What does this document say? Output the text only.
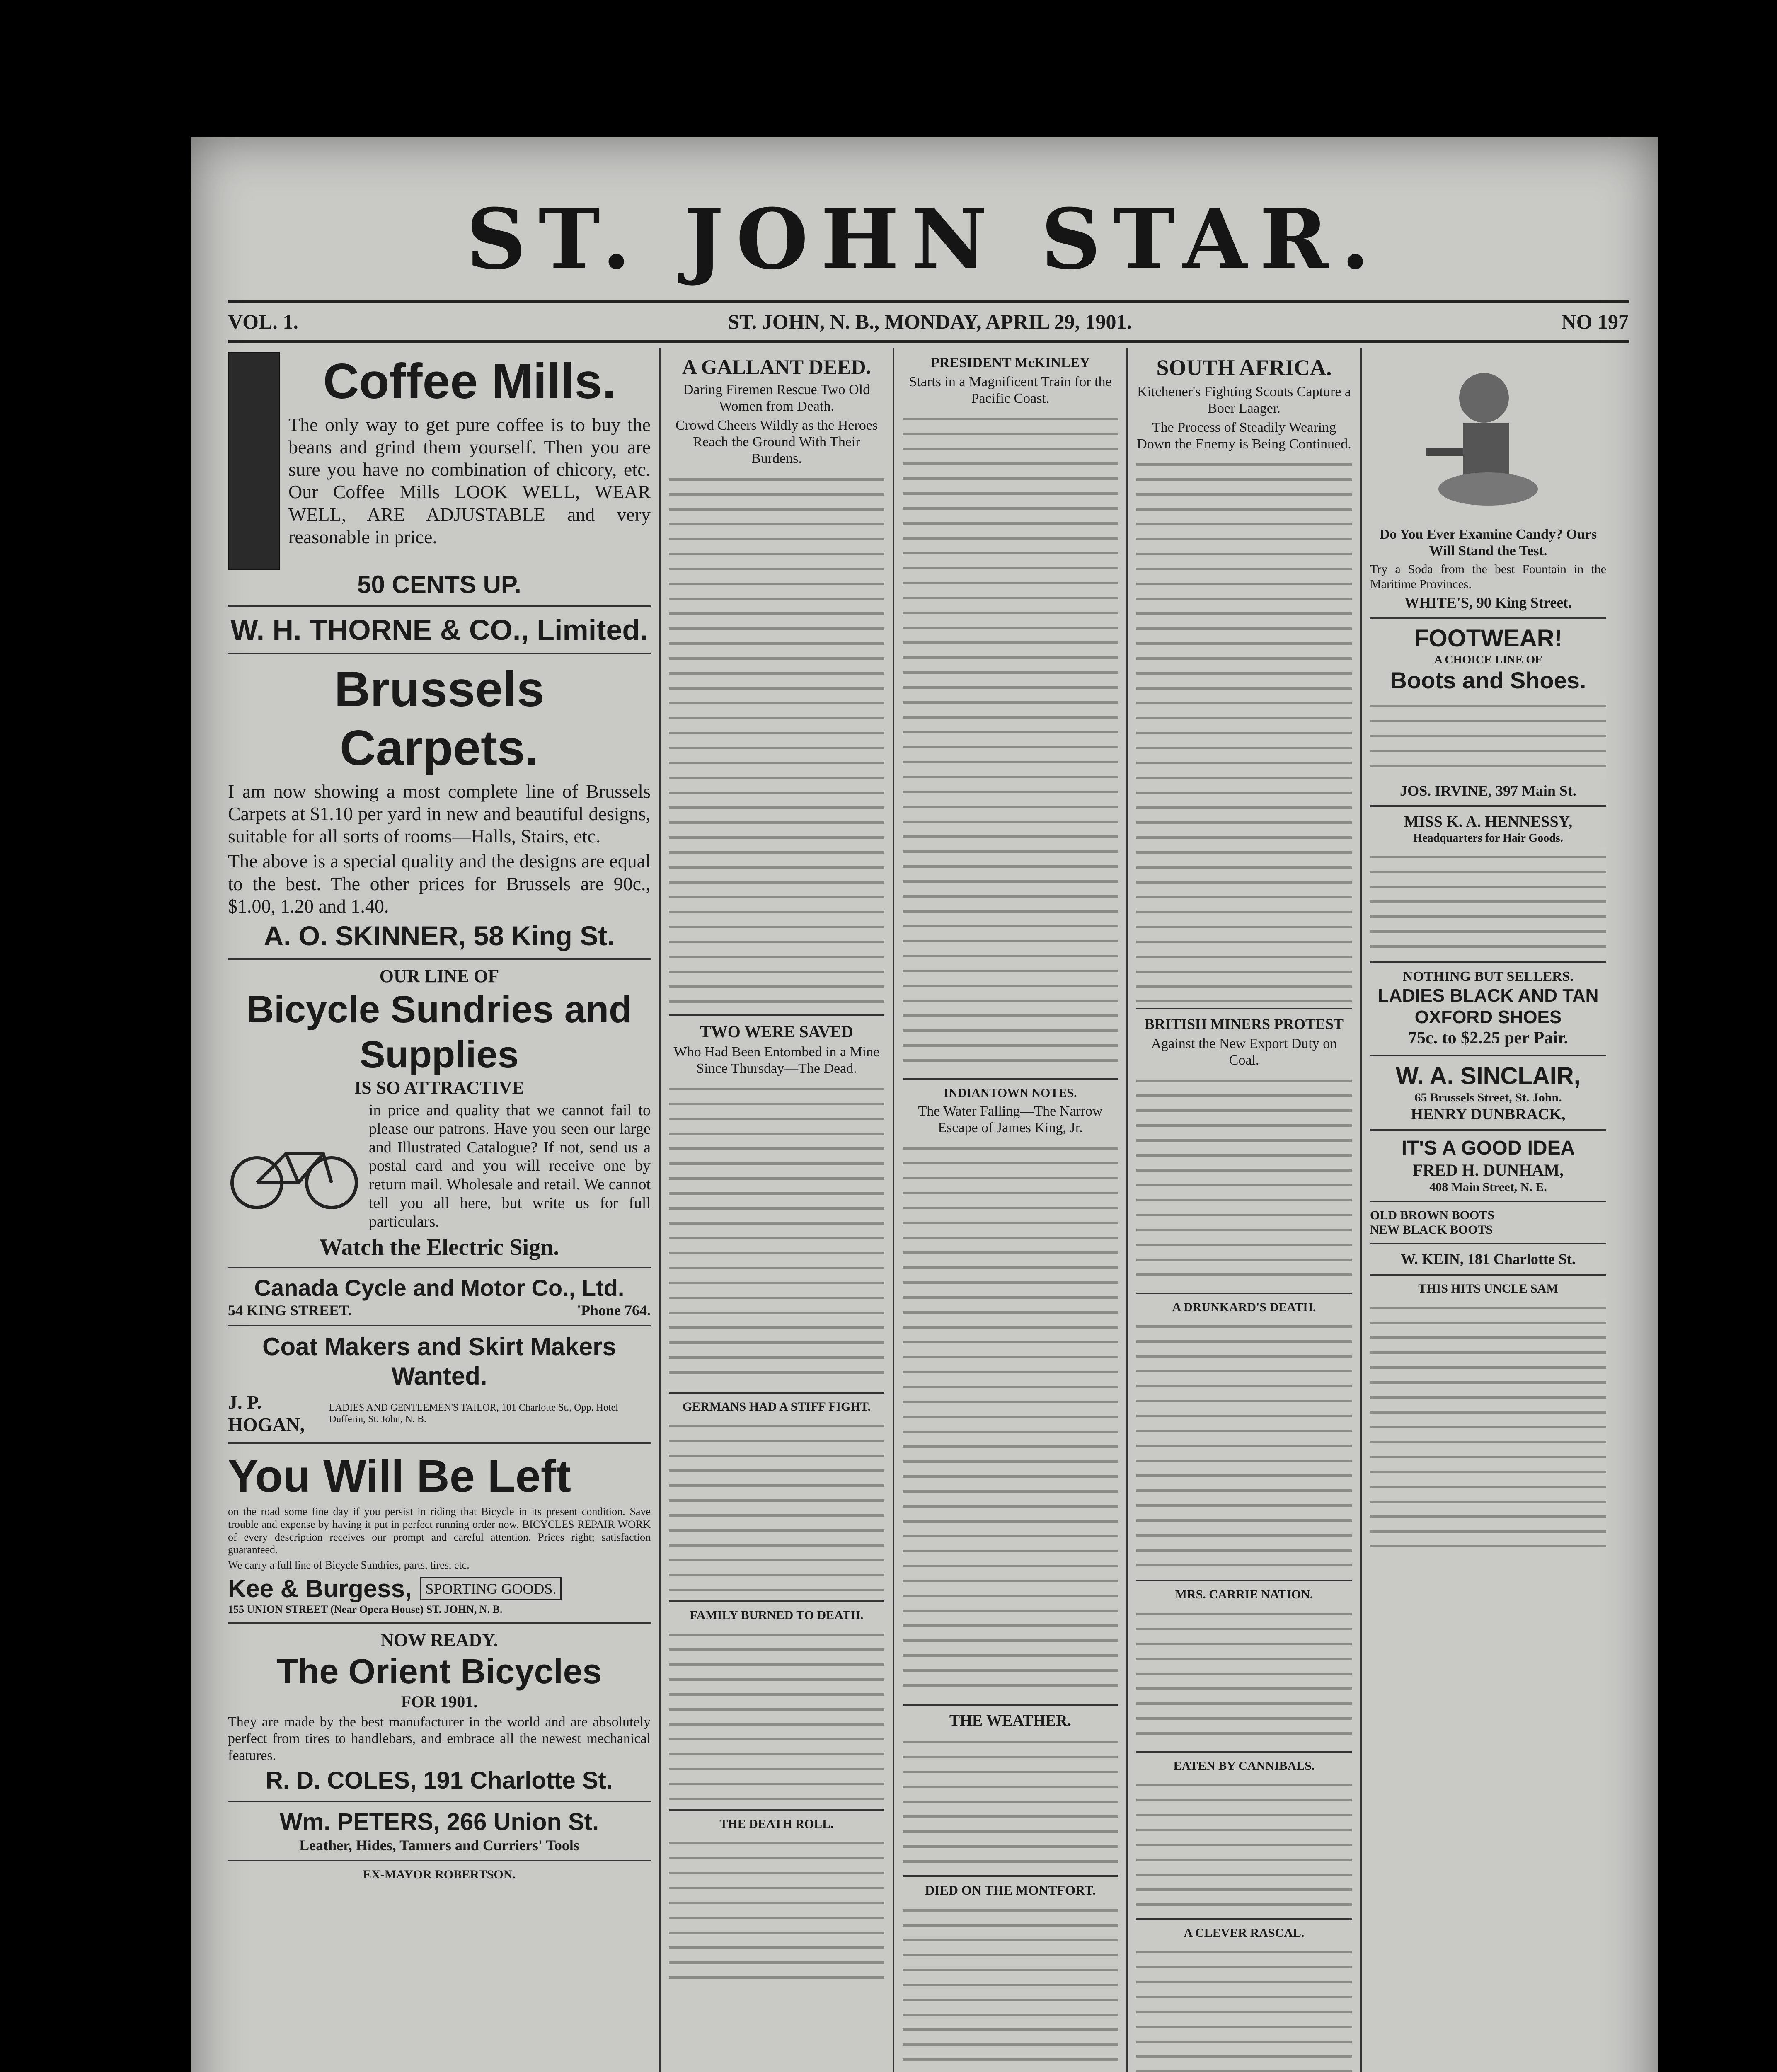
ST. JOHN STAR.
VOL. 1.	ST. JOHN, N. B., MONDAY, APRIL 29, 1901.	NO 197
Coffee Mills.
The only way to get pure coffee is to buy the beans and grind them yourself. Then you are sure you have no combination of chicory, etc. Our Coffee Mills LOOK WELL, WEAR WELL, ARE ADJUSTABLE and very reasonable in price.
50 CENTS UP.
W. H. THORNE & CO., Limited.
Brussels Carpets.
I am now showing a most complete line of Brussels Carpets at $1.10 per yard in new and beautiful designs, suitable for all sorts of rooms—Halls, Stairs, etc.
The above is a special quality and the designs are equal to the best. The other prices for Brussels are 90c., $1.00, 1.20 and 1.40.
A. O. SKINNER, 58 King St.
OUR LINE OF
Bicycle Sundries and Supplies
IS SO ATTRACTIVE
in price and quality that we cannot fail to please our patrons. Have you seen our large and Illustrated Catalogue? If not, send us a postal card and you will receive one by return mail. Wholesale and retail. We cannot tell you all here, but write us for full particulars.
Watch the Electric Sign.
Canada Cycle and Motor Co., Ltd.
54 KING STREET.	'Phone 764.
Coat Makers and Skirt Makers Wanted.
J. P. HOGAN,
LADIES AND GENTLEMEN'S TAILOR, 101 Charlotte St., Opp. Hotel Dufferin, St. John, N. B.
You Will Be Left
on the road some fine day if you persist in riding that Bicycle in its present condition. Save trouble and expense by having it put in perfect running order now. BICYCLES REPAIR WORK of every description receives our prompt and careful attention. Prices right; satisfaction guaranteed.
We carry a full line of Bicycle Sundries, parts, tires, etc.
Kee & Burgess, SPORTING GOODS.
155 UNION STREET (Near Opera House) ST. JOHN, N. B.
NOW READY.
The Orient Bicycles
FOR 1901.
They are made by the best manufacturer in the world and are absolutely perfect from tires to handlebars, and embrace all the newest mechanical features.
R. D. COLES, 191 Charlotte St.
Wm. PETERS, 266 Union St.
Leather, Hides, Tanners and Curriers' Tools
EX-MAYOR ROBERTSON.
A GALLANT DEED.
Daring Firemen Rescue Two Old Women from Death.
Crowd Cheers Wildly as the Heroes Reach the Ground With Their Burdens.
TWO WERE SAVED
Who Had Been Entombed in a Mine Since Thursday—The Dead.
GERMANS HAD A STIFF FIGHT.
FAMILY BURNED TO DEATH.
THE DEATH ROLL.
PRESIDENT McKINLEY
Starts in a Magnificent Train for the Pacific Coast.
INDIANTOWN NOTES.
The Water Falling—The Narrow Escape of James King, Jr.
THE WEATHER.
DIED ON THE MONTFORT.
SOUTH AFRICA.
Kitchener's Fighting Scouts Capture a Boer Laager.
The Process of Steadily Wearing Down the Enemy is Being Continued.
BRITISH MINERS PROTEST
Against the New Export Duty on Coal.
A DRUNKARD'S DEATH.
MRS. CARRIE NATION.
EATEN BY CANNIBALS.
A CLEVER RASCAL.
Do You Ever Examine Candy? Ours Will Stand the Test.
Try a Soda from the best Fountain in the Maritime Provinces.
WHITE'S, 90 King Street.
FOOTWEAR!
A CHOICE LINE OF
Boots and Shoes.
JOS. IRVINE, 397 Main St.
MISS K. A. HENNESSY,
Headquarters for Hair Goods.
NOTHING BUT SELLERS.
LADIES BLACK AND TAN OXFORD SHOES
75c. to $2.25 per Pair.
W. A. SINCLAIR,
65 Brussels Street, St. John.
HENRY DUNBRACK,
IT'S A GOOD IDEA
FRED H. DUNHAM,
408 Main Street, N. E.
OLD BROWN BOOTS
NEW BLACK BOOTS
W. KEIN, 181 Charlotte St.
THIS HITS UNCLE SAM
